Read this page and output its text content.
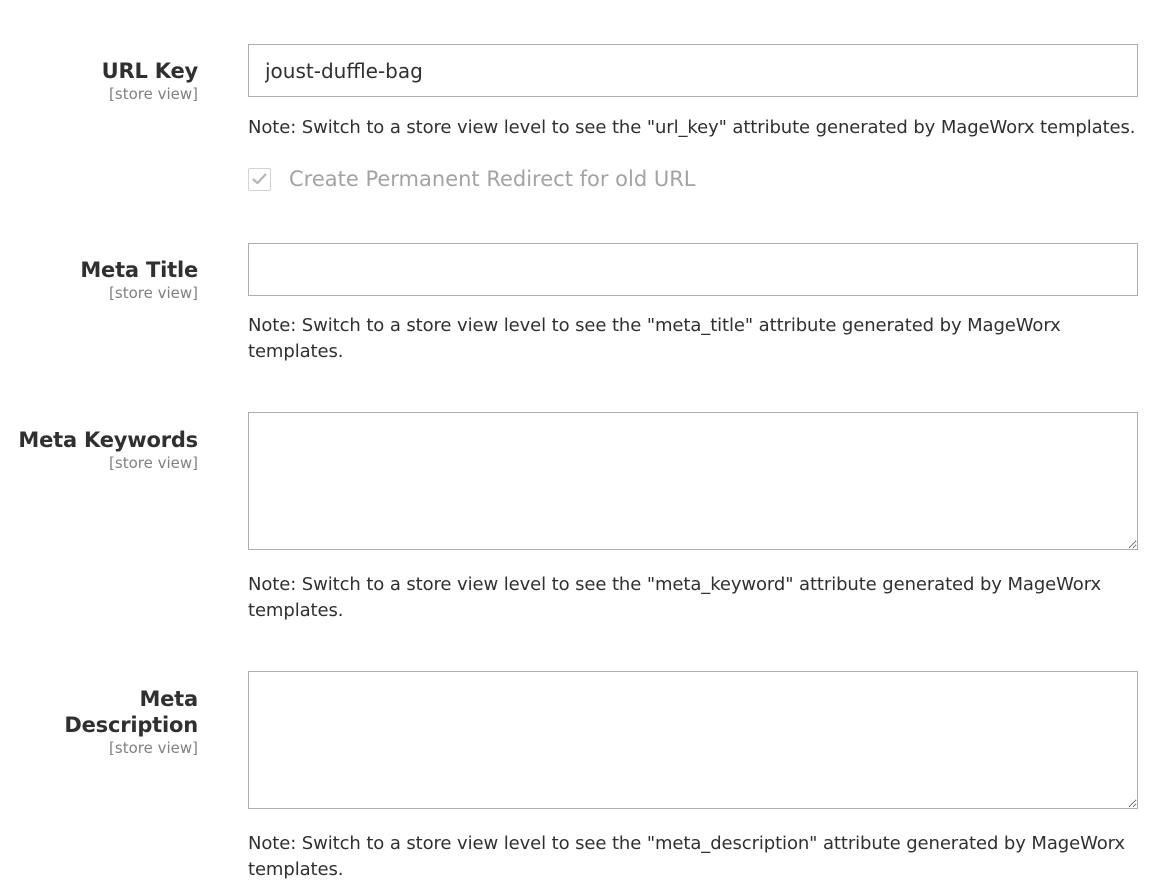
URL Key
[store view]
joust-duffle-bag
Note: Switch to a store view level to see the "url_key" attribute generated by MageWorx templates.
Create Permanent Redirect for old URL
Meta Title
[store view]
Note: Switch to a store view level to see the "meta_title" attribute generated by MageWorx templates.
Meta Keywords
[store view]
Note: Switch to a store view level to see the "meta_keyword" attribute generated by MageWorx templates.
Meta Description
[store view]
Note: Switch to a store view level to see the "meta_description" attribute generated by MageWorx templates.
